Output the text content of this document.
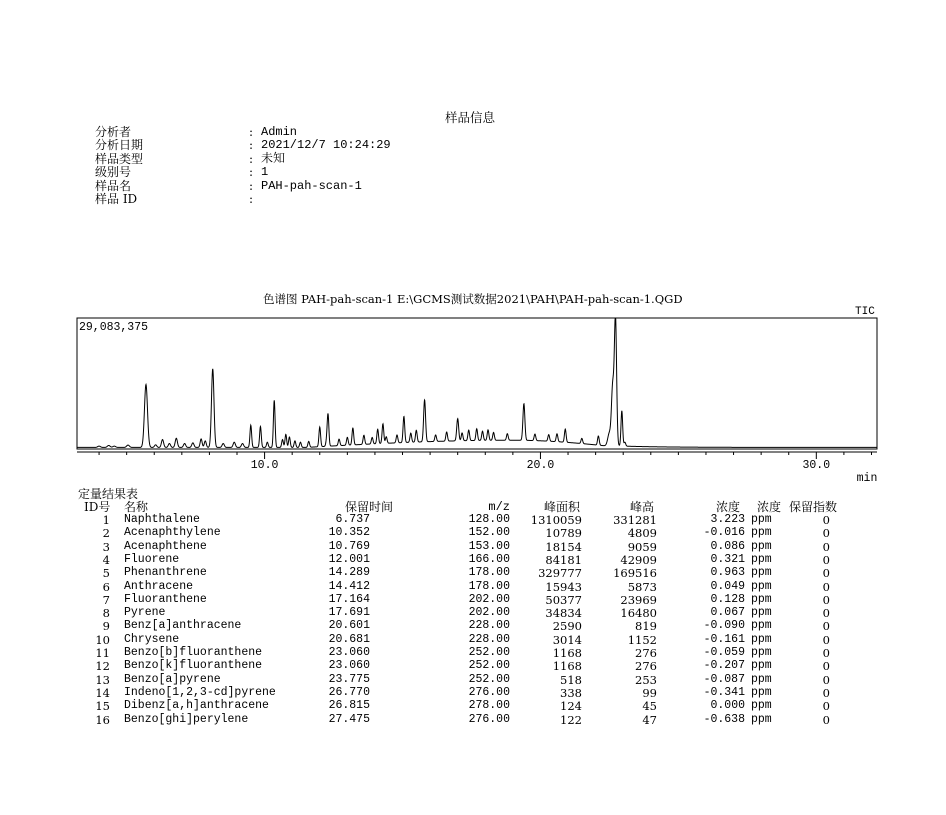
样品信息
分析者	: Admin
分析日期	: 2021/12/7 10:24:29
样品类型	: 未知
级别号	: 1
样品名	: PAH-pah-scan-1
样品 ID	:
色谱图 PAH-pah-scan-1 E:\GCMS测试数据2021\PAH\PAH-pah-scan-1.QGD
TIC
10.0	20.0	30.0
min
29,083,375
定量结果表
ID号 名称	保留时间	m/z	峰面积	峰高	浓度 浓度 保留指数
1 Naphthalene	6.737	128.00	1310059	331281	3.223 ppm	0
2 Acenaphthylene	10.352	152.00	10789	4809	-0.016 ppm	0
3 Acenaphthene	10.769	153.00	18154	9059	0.086 ppm	0
4 Fluorene	12.001	166.00	84181	42909	0.321 ppm	0
5 Phenanthrene	14.289	178.00	329777	169516	0.963 ppm	0
6 Anthracene	14.412	178.00	15943	5873	0.049 ppm	0
7 Fluoranthene	17.164	202.00	50377	23969	0.128 ppm	0
8 Pyrene	17.691	202.00	34834	16480	0.067 ppm	0
9 Benz[a]anthracene	20.601	228.00	2590	819	-0.090 ppm	0
10 Chrysene	20.681	228.00	3014	1152	-0.161 ppm	0
11 Benzo[b]fluoranthene	23.060	252.00	1168	276	-0.059 ppm	0
12 Benzo[k]fluoranthene	23.060	252.00	1168	276	-0.207 ppm	0
13 Benzo[a]pyrene	23.775	252.00	518	253	-0.087 ppm	0
14 Indeno[1,2,3-cd]pyrene	26.770	276.00	338	99	-0.341 ppm	0
15 Dibenz[a,h]anthracene	26.815	278.00	124	45	0.000 ppm	0
16 Benzo[ghi]perylene	27.475	276.00	122	47	-0.638 ppm	0
